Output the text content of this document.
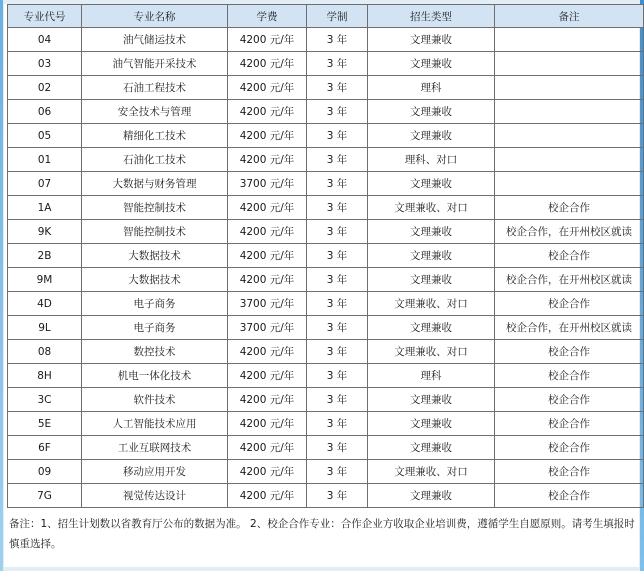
专业代号	专业名称	学费	学制	招生类型	备注
04	油气储运技术	4200 元/年	3 年	文理兼收	
03	油气智能开采技术	4200 元/年	3 年	文理兼收	
02	石油工程技术	4200 元/年	3 年	理科	
06	安全技术与管理	4200 元/年	3 年	文理兼收	
05	精细化工技术	4200 元/年	3 年	文理兼收	
01	石油化工技术	4200 元/年	3 年	理科、对口	
07	大数据与财务管理	3700 元/年	3 年	文理兼收	
1A	智能控制技术	4200 元/年	3 年	文理兼收、对口	校企合作
9K	智能控制技术	4200 元/年	3 年	文理兼收	校企合作，在开州校区就读
2B	大数据技术	4200 元/年	3 年	文理兼收	校企合作
9M	大数据技术	4200 元/年	3 年	文理兼收	校企合作，在开州校区就读
4D	电子商务	3700 元/年	3 年	文理兼收、对口	校企合作
9L	电子商务	3700 元/年	3 年	文理兼收	校企合作，在开州校区就读
08	数控技术	4200 元/年	3 年	文理兼收、对口	校企合作
8H	机电一体化技术	4200 元/年	3 年	理科	校企合作
3C	软件技术	4200 元/年	3 年	文理兼收	校企合作
5E	人工智能技术应用	4200 元/年	3 年	文理兼收	校企合作
6F	工业互联网技术	4200 元/年	3 年	文理兼收	校企合作
09	移动应用开发	4200 元/年	3 年	文理兼收、对口	校企合作
7G	视觉传达设计	4200 元/年	3 年	文理兼收	校企合作
备注：1、招生计划数以省教育厅公布的数据为准。 2、校企合作专业：合作企业方收取企业培训费，遵循学生自愿原则。请考生填报时慎重选择。
